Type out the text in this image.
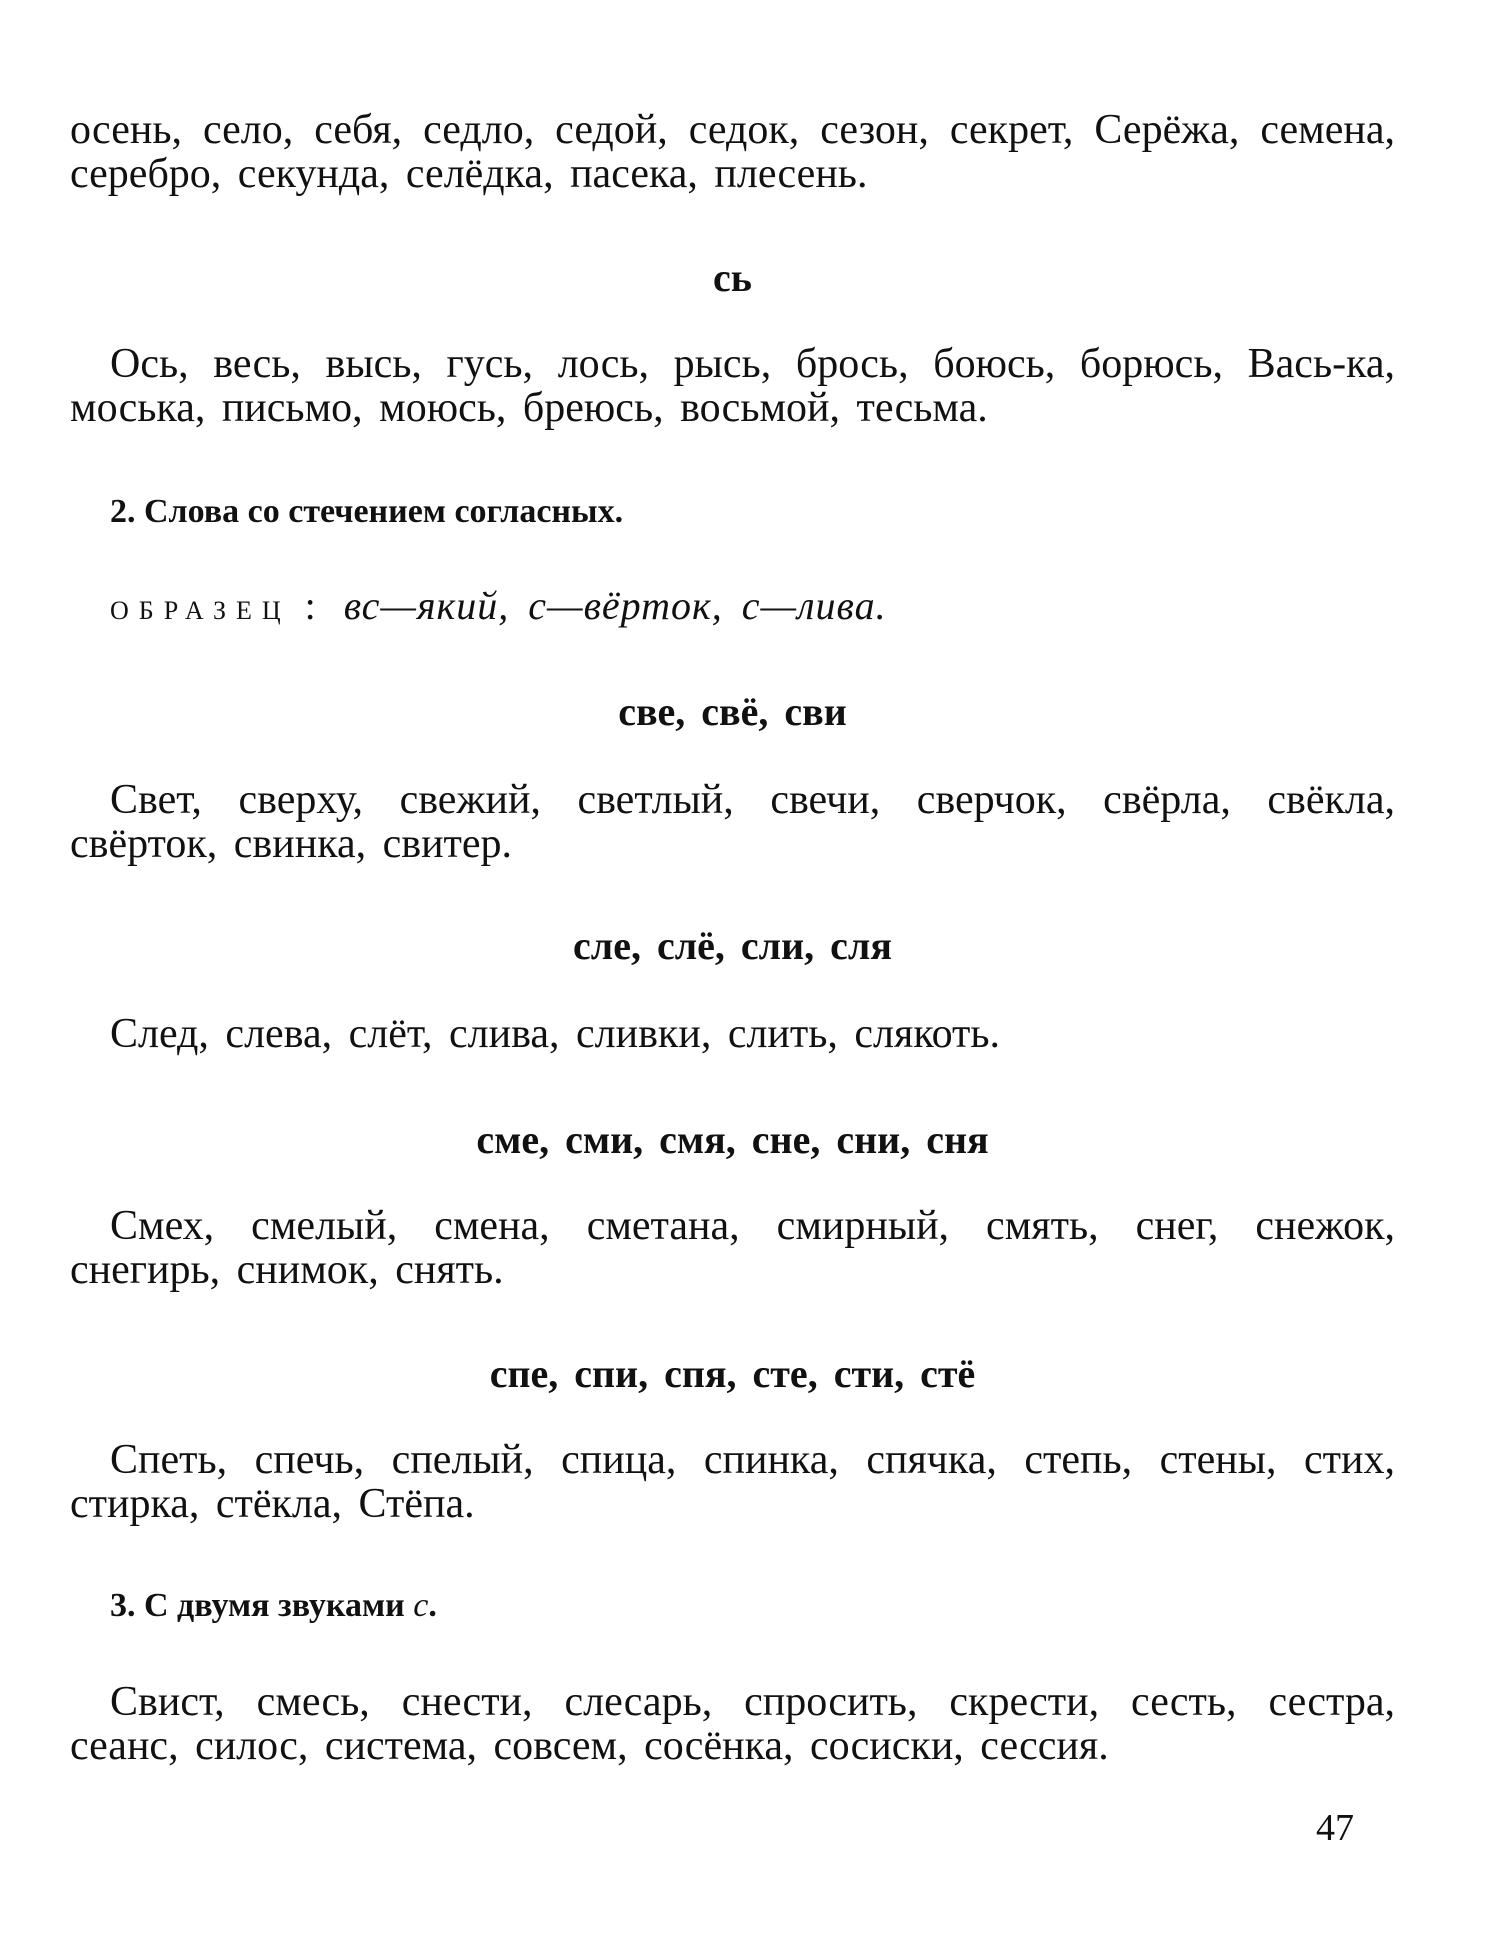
осень, село, себя, седло, седой, седок, сезон, секрет, Серёжа, семена, серебро, секунда, селёдка, пасека, плесень.

сь

Ось, весь, высь, гусь, лось, рысь, брось, боюсь, борюсь, Вась-ка, моська, письмо, моюсь, бреюсь, восьмой, тесьма.

2. Слова со стечением согласных.

ОБРАЗЕЦ : вс—який, с—вёрток, с—лива.

све, свё, сви

Свет, сверху, свежий, светлый, свечи, сверчок, свёрла, свёкла, свёрток, свинка, свитер.

сле, слё, сли, сля

След, слева, слёт, слива, сливки, слить, слякоть.

сме, сми, смя, сне, сни, сня

Смех, смелый, смена, сметана, смирный, смять, снег, снежок, снегирь, снимок, снять.

спе, спи, спя, сте, сти, стё

Спеть, спечь, спелый, спица, спинка, спячка, степь, стены, стих, стирка, стёкла, Стёпа.

3. С двумя звуками с.

Свист, смесь, снести, слесарь, спросить, скрести, сесть, сестра, сеанс, силос, система, совсем, сосёнка, сосиски, сессия.

47
